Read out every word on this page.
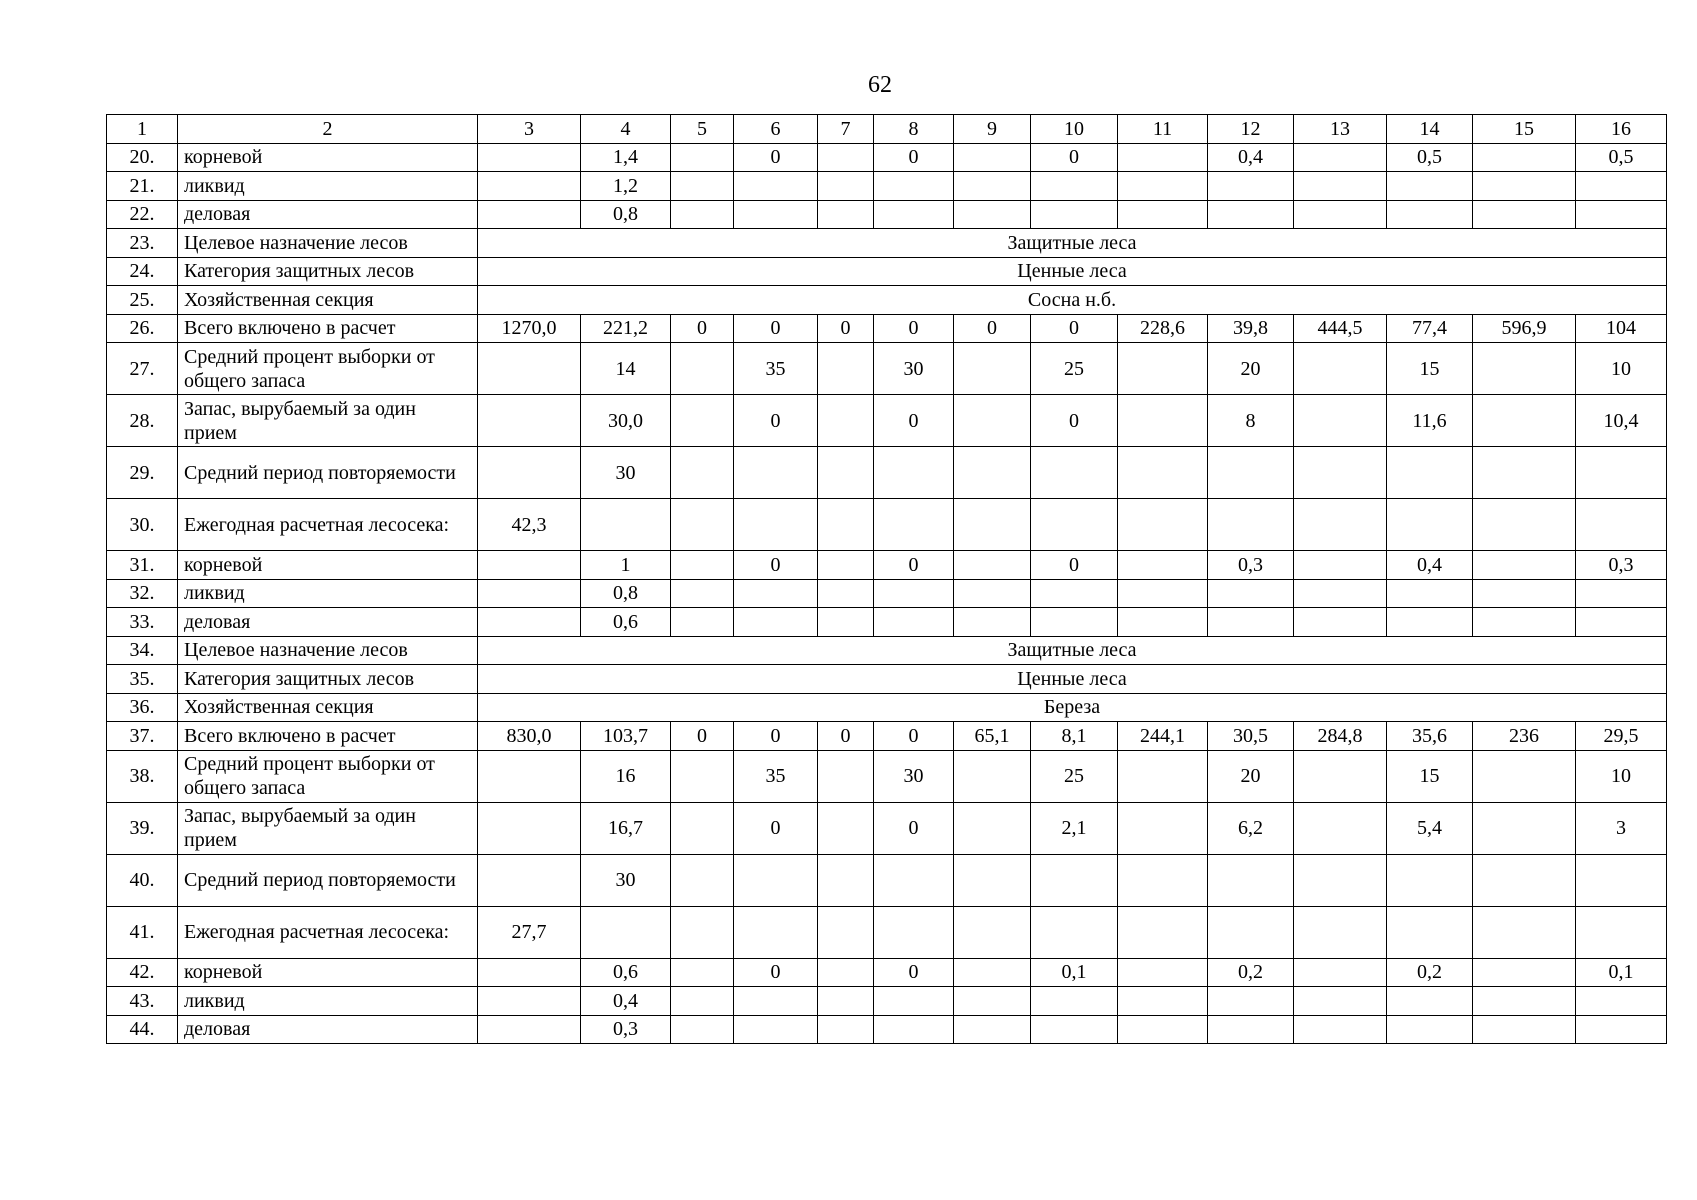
62
1	2	3	4	5	6	7	8	9	10	11	12	13	14	15	16
20.	корневой		1,4		0		0		0		0,4		0,5		0,5
21.	ликвид		1,2												
22.	деловая		0,8												
23.	Целевое назначение лесов	Защитные леса													
24.	Категория защитных лесов	Ценные леса													
25.	Хозяйственная секция	Сосна н.б.													
26.	Всего включено в расчет	1270,0	221,2	0	0	0	0	0	0	228,6	39,8	444,5	77,4	596,9	104
27.	Средний процент выборки от общего запаса		14		35		30		25		20		15		10
28.	Запас, вырубаемый за один прием		30,0		0		0		0		8		11,6		10,4
29.	Средний период повторяемости		30												
30.	Ежегодная расчетная лесосека:	42,3													
31.	корневой		1		0		0		0		0,3		0,4		0,3
32.	ликвид		0,8												
33.	деловая		0,6												
34.	Целевое назначение лесов	Защитные леса													
35.	Категория защитных лесов	Ценные леса													
36.	Хозяйственная секция	Береза													
37.	Всего включено в расчет	830,0	103,7	0	0	0	0	65,1	8,1	244,1	30,5	284,8	35,6	236	29,5
38.	Средний процент выборки от общего запаса		16		35		30		25		20		15		10
39.	Запас, вырубаемый за один прием		16,7		0		0		2,1		6,2		5,4		3
40.	Средний период повторяемости		30												
41.	Ежегодная расчетная лесосека:	27,7													
42.	корневой		0,6		0		0		0,1		0,2		0,2		0,1
43.	ликвид		0,4												
44.	деловая		0,3												
